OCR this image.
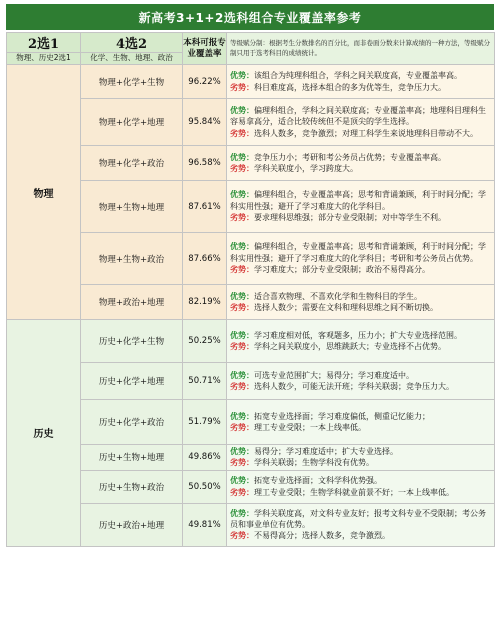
新高考3+1+2选科组合专业覆盖率参考
2选1	4选2	本科可报专业覆盖率	等级赋分制：根据考生分数排名的百分比，而非卷面分数来计算成绩的一种方法，等级赋分制只用于选考科目的成绩统计。
物理、历史2选1	化学、生物、地理、政治		
物理	物理+化学+生物	96.22%	优势：该组合为纯理科组合，学科之间关联度高，专业覆盖率高。

劣势：科目难度高，选择本组合的多为优等生，竞争压力大。

	物理+化学+地理	95.84%	优势：偏理科组合，学科之间关联度高；专业覆盖率高；地理科目理科生容易拿高分，适合比较传统但不是顶尖的学生选择。

劣势：选科人数多，竞争激烈；对理工科学生来说地理科目带动不大。

	物理+化学+政治	96.58%	优势：竞争压力小；考研和考公务员占优势；专业覆盖率高。

劣势：学科关联度小，学习跨度大。

	物理+生物+地理	87.61%	优势：偏理科组合，专业覆盖率高；思考和背诵兼顾，利于时间分配；学科实用性强；避开了学习难度大的化学科目。

劣势：要求理科思维强；部分专业受限制；对中等学生不利。

	物理+生物+政治	87.66%	优势：偏理科组合，专业覆盖率高；思考和背诵兼顾，利于时间分配；学科实用性强；避开了学习难度大的化学科目；考研和考公务员占优势。

劣势：学习难度大；部分专业受限制；政治不易得高分。

	物理+政治+地理	82.19%	优势：适合喜欢物理、不喜欢化学和生物科目的学生。

劣势：选择人数少；需要在文科和理科思维之间不断切换。

历史	历史+化学+生物	50.25%	优势：学习难度相对低，客观题多，压力小；扩大专业选择范围。

劣势：学科之间关联度小，思维跳跃大；专业选择不占优势。

	历史+化学+地理	50.71%	优势：可选专业范围扩大；易得分；学习难度适中。

劣势：选科人数少，可能无法开班；学科关联弱；竞争压力大。

	历史+化学+政治	51.79%	优势：拓宽专业选择面；学习难度偏低，侧重记忆能力；

劣势：理工专业受限；一本上线率低。

	历史+生物+地理	49.86%	优势：易得分；学习难度适中；扩大专业选择。

劣势：学科关联弱；生物学科没有优势。

	历史+生物+政治	50.50%	优势：拓宽专业选择面；文科学科优势强。

劣势：理工专业受限；生物学科就业前景不好；一本上线率低。

	历史+政治+地理	49.81%	优势：学科关联度高，对文科专业友好；报考文科专业不受限制；考公务员和事业单位有优势。

劣势：不易得高分；选择人数多，竞争激烈。
